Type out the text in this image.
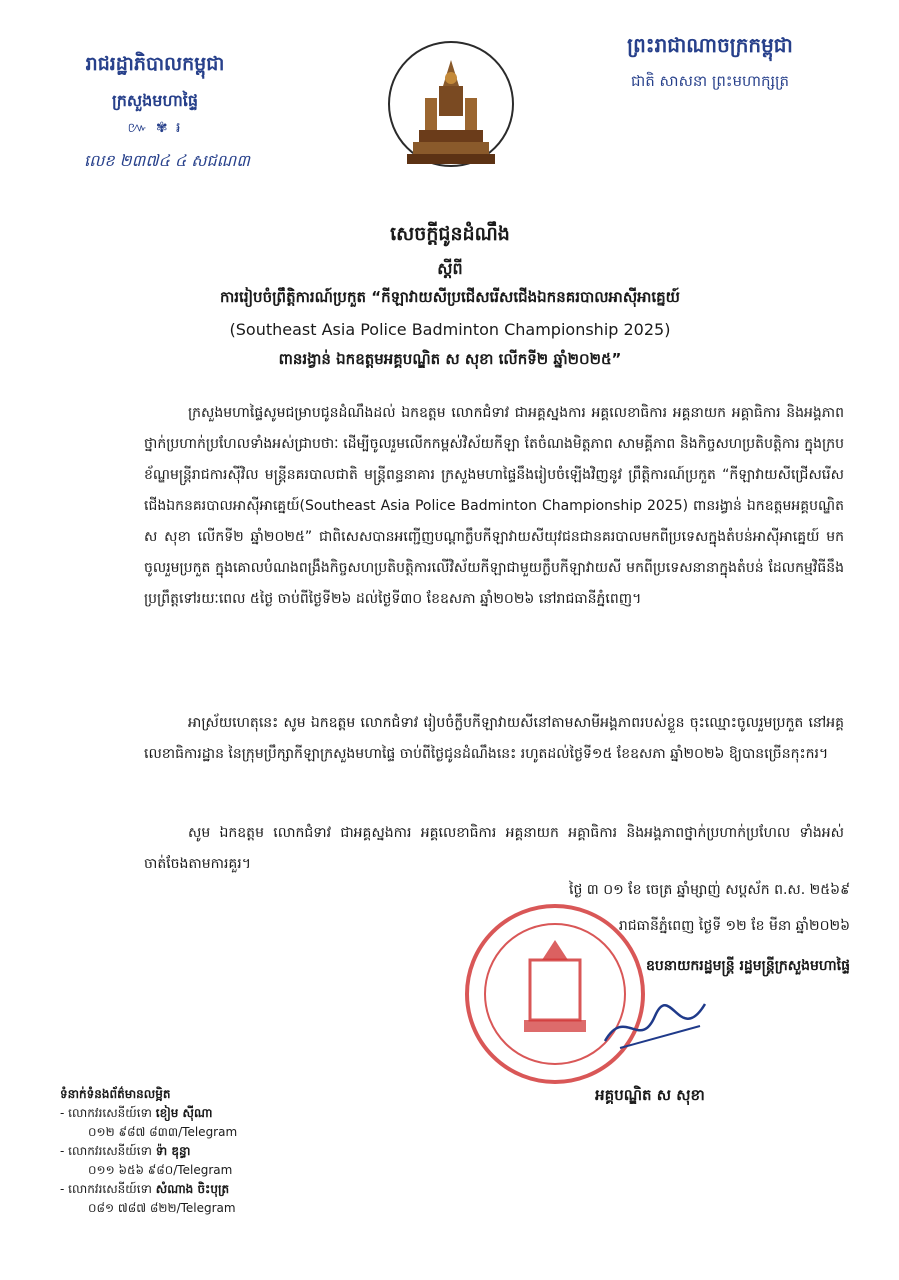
រាជរដ្ឋាភិបាលកម្ពុជា
ក្រសួងមហាផ្ទៃ
៚ ✾ ៛
លេខ ២៣៧៤ ៤ សជណ៣
ព្រះរាជាណាចក្រកម្ពុជា
ជាតិ សាសនា ព្រះមហាក្សត្រ
សេចក្តីជូនដំណឹង
ស្តីពី
ការរៀបចំព្រឹត្តិការណ៍ប្រកួត “កីឡាវាយសីប្រជើសរើសជើងឯកនគរបាលអាស៊ីអាគ្នេយ៍
(Southeast Asia Police Badminton Championship 2025)
ពានរង្វាន់ ឯកឧត្តមអគ្គបណ្ឌិត ស សុខា លើកទី២ ឆ្នាំ២០២៥”
ក្រសួងមហាផ្ទៃសូមជម្រាបជូនដំណឹងដល់ ឯកឧត្តម លោកជំទាវ ជាអគ្គស្នងការ អគ្គលេខាធិការ អគ្គនាយក អគ្គាធិការ និងអង្គភាពថ្នាក់ប្រហាក់ប្រហែលទាំងអស់ជ្រាបថាៈ ដើម្បីចូលរួមលើកកម្ពស់វិស័យកីឡា តែចំណងមិត្តភាព សាមគ្គីភាព និងកិច្ចសហប្រតិបត្តិការ ក្នុងក្របខ័ណ្ឌមន្ត្រីរាជការស៊ីវិល មន្ត្រីនគរបាលជាតិ មន្ត្រីពន្ធនាគារ ក្រសួងមហាផ្ទៃនឹងរៀបចំឡើងវិញនូវ ព្រឹត្តិការណ៍ប្រកួត “កីឡាវាយសីជ្រើសរើសជើងឯកនគរបាលអាស៊ីអាគ្នេយ៍(Southeast Asia Police Badminton Championship 2025) ពានរង្វាន់ ឯកឧត្តមអគ្គបណ្ឌិត ស សុខា លើកទី២ ឆ្នាំ២០២៥” ជាពិសេសបានអញ្ជើញបណ្តាក្លឹបកីឡាវាយសីយុវជនជានគរបាលមកពីប្រទេសក្នុងតំបន់អាស៊ីអាគ្នេយ៍ មកចូលរួមប្រកួត ក្នុងគោលបំណងពង្រឹងកិច្ចសហប្រតិបត្តិការលើវិស័យកីឡាជាមួយក្លឹបកីឡាវាយសី មកពីប្រទេសនានាក្នុងតំបន់ ដែលកម្មវិធីនឹងប្រព្រឹត្តទៅរយៈពេល ៥ថ្ងៃ ចាប់ពីថ្ងៃទី២៦ ដល់ថ្ងៃទី៣០ ខែឧសភា ឆ្នាំ២០២៦ នៅរាជធានីភ្នំពេញ។
អាស្រ័យហេតុនេះ សូម ឯកឧត្តម លោកជំទាវ រៀបចំក្លឹបកីឡាវាយសីនៅតាមសាមីអង្គភាពរបស់ខ្លួន ចុះឈ្មោះចូលរួមប្រកួត នៅអគ្គលេខាធិការដ្ឋាន នៃក្រុមប្រឹក្សាកីឡាក្រសួងមហាផ្ទៃ ចាប់ពីថ្ងៃជូនដំណឹងនេះ រហូតដល់ថ្ងៃទី១៥ ខែឧសភា ឆ្នាំ២០២៦ ឱ្យបានច្រើនកុះករ។
សូម ឯកឧត្តម លោកជំទាវ ជាអគ្គស្នងការ អគ្គលេខាធិការ អគ្គនាយក អគ្គាធិការ និងអង្គភាពថ្នាក់ប្រហាក់ប្រហែល ទាំងអស់ចាត់ចែងតាមការគួរ។
ថ្ងៃ ៣ ០១ ខែ ចេត្រ ឆ្នាំម្សាញ់ សប្តស័ក ព.ស. ២៥៦៩
រាជធានីភ្នំពេញ ថ្ងៃទី ១២ ខែ មីនា ឆ្នាំ២០២៦
ឧបនាយករដ្ឋមន្ត្រី រដ្ឋមន្ត្រីក្រសួងមហាផ្ទៃ
អគ្គបណ្ឌិត ស សុខា
ទំនាក់ទំនងព័ត៌មានលម្អិត
- លោកវរសេនីយ៍ទោ ខៀម ស៊ីណា
០១២ ៩៨៧ ៨៣៣/Telegram
- លោកវរសេនីយ៍ទោ ទ៉ា ឌុន្ធា
០១១ ៦៥៦ ៩៨០/Telegram
- លោកវរសេនីយ៍ទោ សំណាង ចិះបុត្រ
០៨១ ៧៨៧ ៨២២/Telegram
